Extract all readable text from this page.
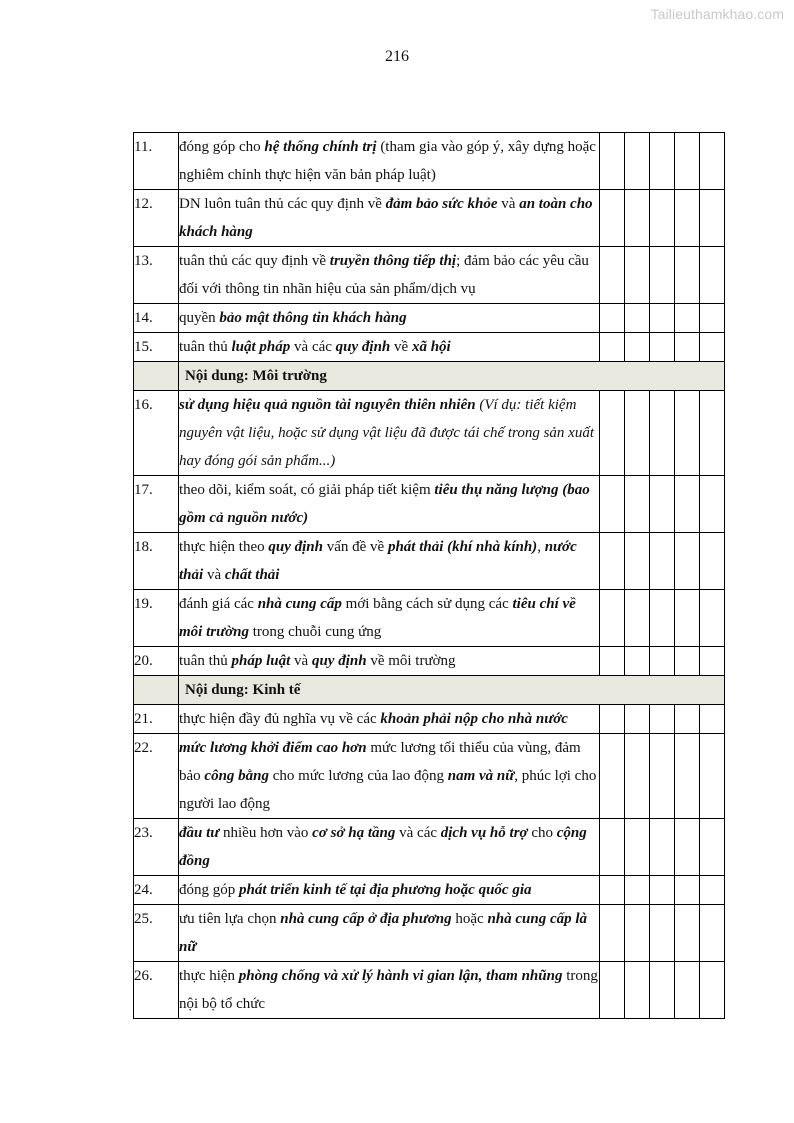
Tailieuthamkhao.com
216
11.	đóng góp cho hệ thống chính trị (tham gia vào góp ý, xây dựng hoặc nghiêm chỉnh thực hiện văn bản pháp luật)					
12.	DN luôn tuân thủ các quy định về đảm bảo sức khỏe và an toàn cho khách hàng					
13.	tuân thủ các quy định về truyền thông tiếp thị; đảm bảo các yêu cầu đối với thông tin nhãn hiệu của sản phẩm/dịch vụ					
14.	quyền bảo mật thông tin khách hàng					
15.	tuân thủ luật pháp và các quy định về xã hội					
	Nội dung: Môi trường					
16.	sử dụng hiệu quả nguồn tài nguyên thiên nhiên (Ví dụ: tiết kiệm nguyên vật liệu, hoặc sử dụng vật liệu đã được tái chế trong sản xuất hay đóng gói sản phẩm...)					
17.	theo dõi, kiểm soát, có giải pháp tiết kiệm tiêu thụ năng lượng (bao gồm cả nguồn nước)					
18.	thực hiện theo quy định vấn đề về phát thải (khí nhà kính), nước thải và chất thải					
19.	đánh giá các nhà cung cấp mới bằng cách sử dụng các tiêu chí về môi trường trong chuỗi cung ứng					
20.	tuân thủ pháp luật và quy định về môi trường					
	Nội dung: Kinh tế					
21.	thực hiện đầy đủ nghĩa vụ về các khoản phải nộp cho nhà nước					
22.	mức lương khởi điểm cao hơn mức lương tối thiểu của vùng, đảm bảo công bằng cho mức lương của lao động nam và nữ, phúc lợi cho người lao động					
23.	đầu tư nhiều hơn vào cơ sở hạ tầng và các dịch vụ hỗ trợ cho cộng đồng					
24.	đóng góp phát triển kinh tế tại địa phương hoặc quốc gia					
25.	ưu tiên lựa chọn nhà cung cấp ở địa phương hoặc nhà cung cấp là nữ					
26.	thực hiện phòng chống và xử lý hành vi gian lận, tham nhũng trong nội bộ tổ chức					
